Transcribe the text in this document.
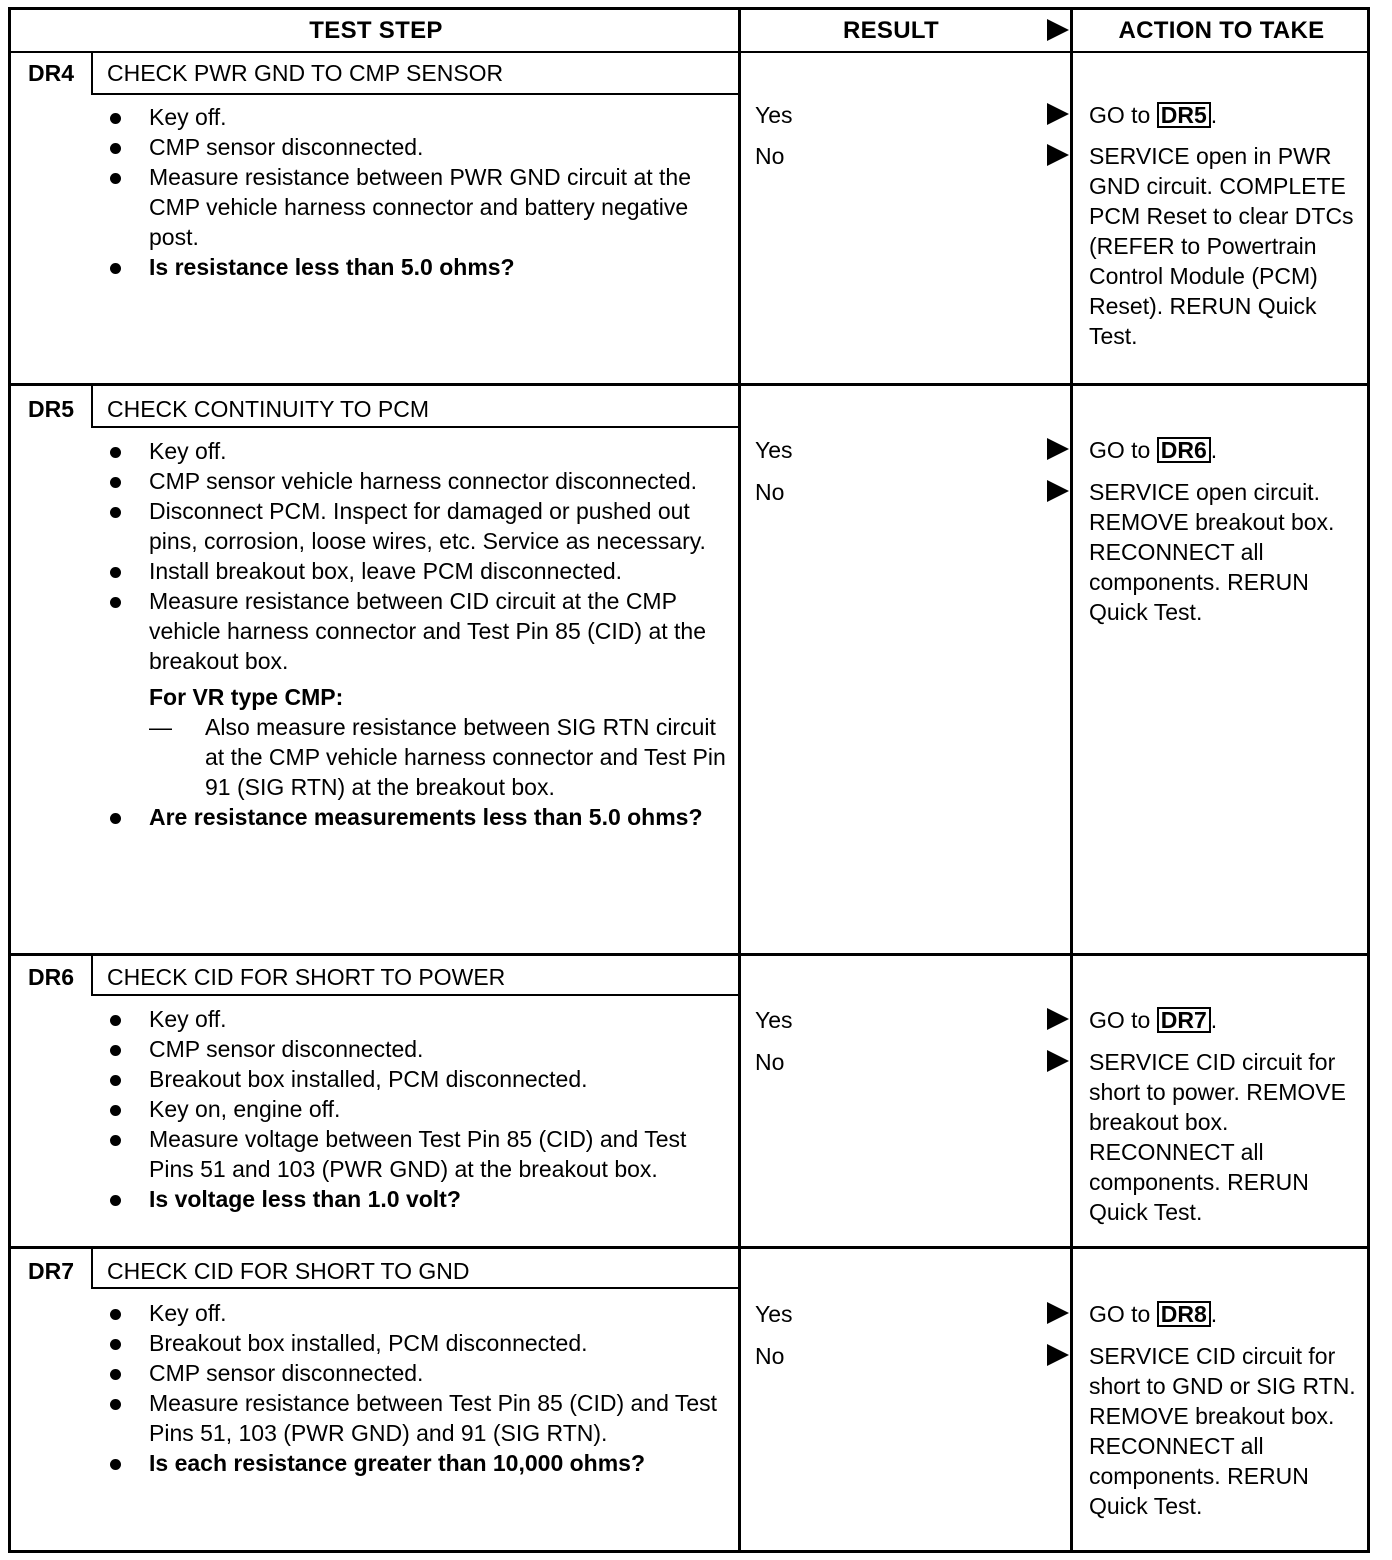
TEST STEP	RESULT	ACTION TO TAKE
DR4	CHECK PWR GND TO CMP SENSOR
Key off.
CMP sensor disconnected.
Measure resistance between PWR GND circuit at the CMP vehicle harness connector and battery negative post.
Is resistance less than 5.0 ohms?
Yes	GO to DR5 .
No	SERVICE open in PWR GND circuit. COMPLETE PCM Reset to clear DTCs (REFER to Powertrain Control Module (PCM) Reset). RERUN Quick Test.
DR5	CHECK CONTINUITY TO PCM
Key off.
CMP sensor vehicle harness connector disconnected.
Disconnect PCM. Inspect for damaged or pushed out pins, corrosion, loose wires, etc. Service as necessary.
Install breakout box, leave PCM disconnected.
Measure resistance between CID circuit at the CMP vehicle harness connector and Test Pin 85 (CID) at the breakout box.
For VR type CMP:
— Also measure resistance between SIG RTN circuit at the CMP vehicle harness connector and Test Pin 91 (SIG RTN) at the breakout box.
Are resistance measurements less than 5.0 ohms?
Yes	GO to DR6 .
No	SERVICE open circuit. REMOVE breakout box. RECONNECT all components. RERUN Quick Test.
DR6	CHECK CID FOR SHORT TO POWER
Key off.
CMP sensor disconnected.
Breakout box installed, PCM disconnected.
Key on, engine off.
Measure voltage between Test Pin 85 (CID) and Test Pins 51 and 103 (PWR GND) at the breakout box.
Is voltage less than 1.0 volt?
Yes	GO to DR7 .
No	SERVICE CID circuit for short to power. REMOVE breakout box. RECONNECT all components. RERUN Quick Test.
DR7	CHECK CID FOR SHORT TO GND
Key off.
Breakout box installed, PCM disconnected.
CMP sensor disconnected.
Measure resistance between Test Pin 85 (CID) and Test Pins 51, 103 (PWR GND) and 91 (SIG RTN).
Is each resistance greater than 10,000 ohms?
Yes	GO to DR8 .
No	SERVICE CID circuit for short to GND or SIG RTN. REMOVE breakout box. RECONNECT all components. RERUN Quick Test.
